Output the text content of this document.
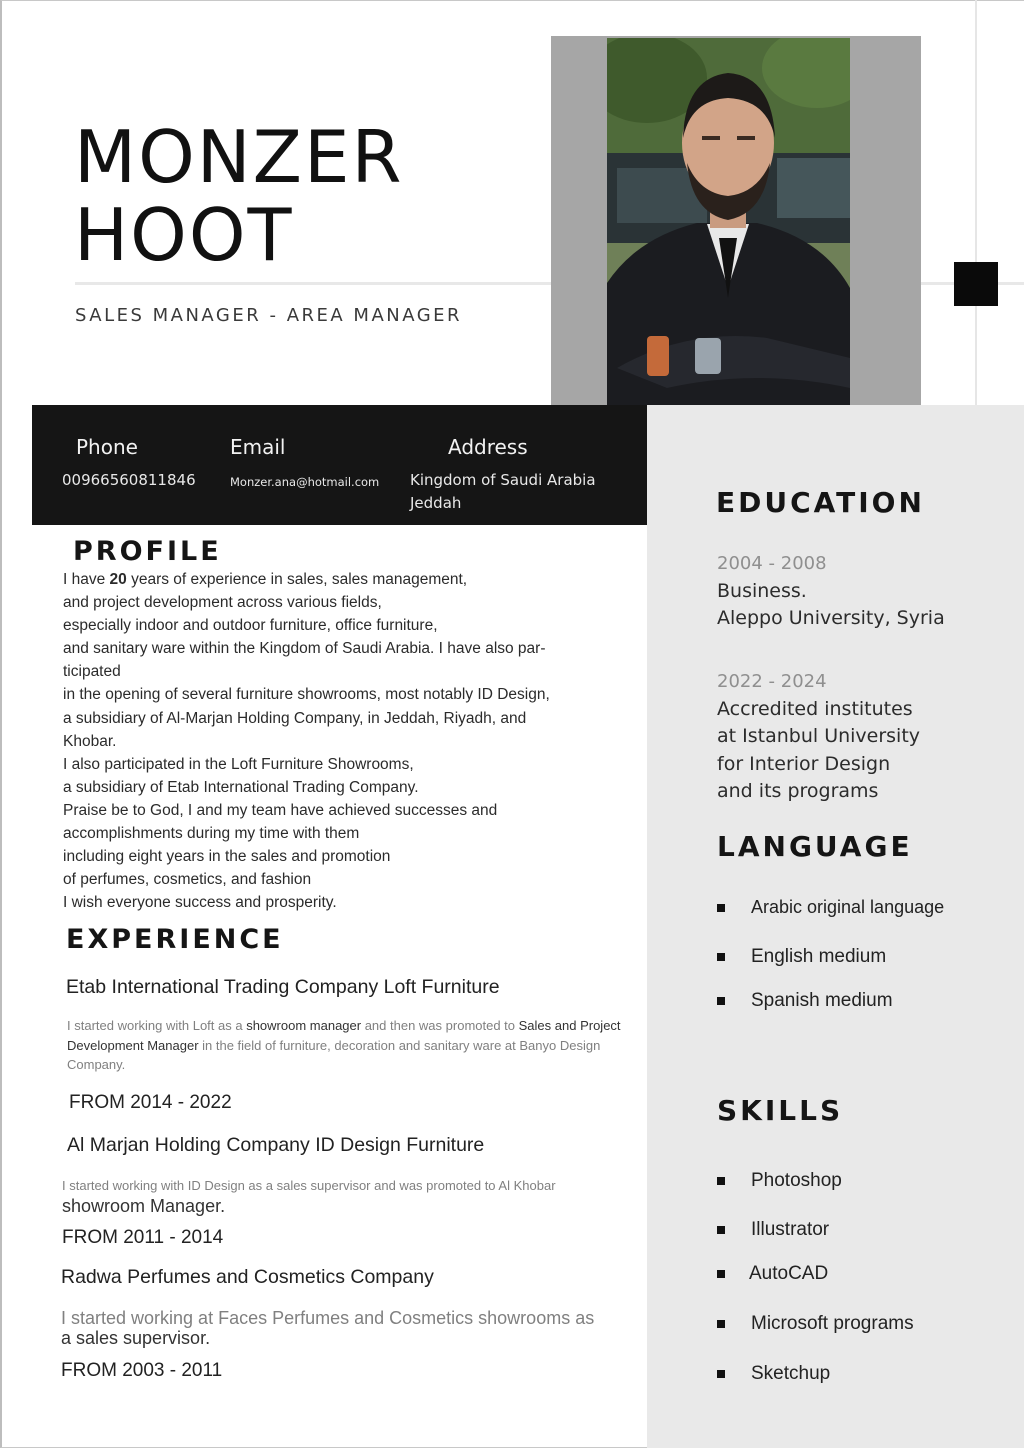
MONZER
HOOT
SALES MANAGER - AREA MANAGER
Phone
00966560811846
Email
Monzer.ana@hotmail.com
Address
Kingdom of Saudi Arabia
Jeddah
PROFILE
I have 20 years of experience in sales, sales management,
and project development across various fields,
especially indoor and outdoor furniture, office furniture,
and sanitary ware within the Kingdom of Saudi Arabia. I have also par-
ticipated
in the opening of several furniture showrooms, most notably ID Design,
a subsidiary of Al-Marjan Holding Company, in Jeddah, Riyadh, and
Khobar.
I also participated in the Loft Furniture Showrooms,
a subsidiary of Etab International Trading Company.
Praise be to God, I and my team have achieved successes and
accomplishments during my time with them
including eight years in the sales and promotion
of perfumes, cosmetics, and fashion
I wish everyone success and prosperity.
EXPERIENCE
Etab International Trading Company Loft Furniture
I started working with Loft as a showroom manager and then was promoted to Sales and Project Development Manager in the field of furniture, decoration and sanitary ware at Banyo Design Company.
FROM 2014 - 2022
Al Marjan Holding Company ID Design Furniture
I started working with ID Design as a sales supervisor and was promoted to Al Khobar
showroom Manager.
FROM 2011 - 2014
Radwa Perfumes and Cosmetics Company
I started working at Faces Perfumes and Cosmetics showrooms as
a sales supervisor.
FROM 2003 - 2011
EDUCATION
2004 - 2008
Business.
Aleppo University, Syria
2022 - 2024
Accredited institutes
at Istanbul University
for Interior Design
and its programs
LANGUAGE
Arabic original language
English medium
Spanish medium
SKILLS
Photoshop
Illustrator
AutoCAD
Microsoft programs
Sketchup
